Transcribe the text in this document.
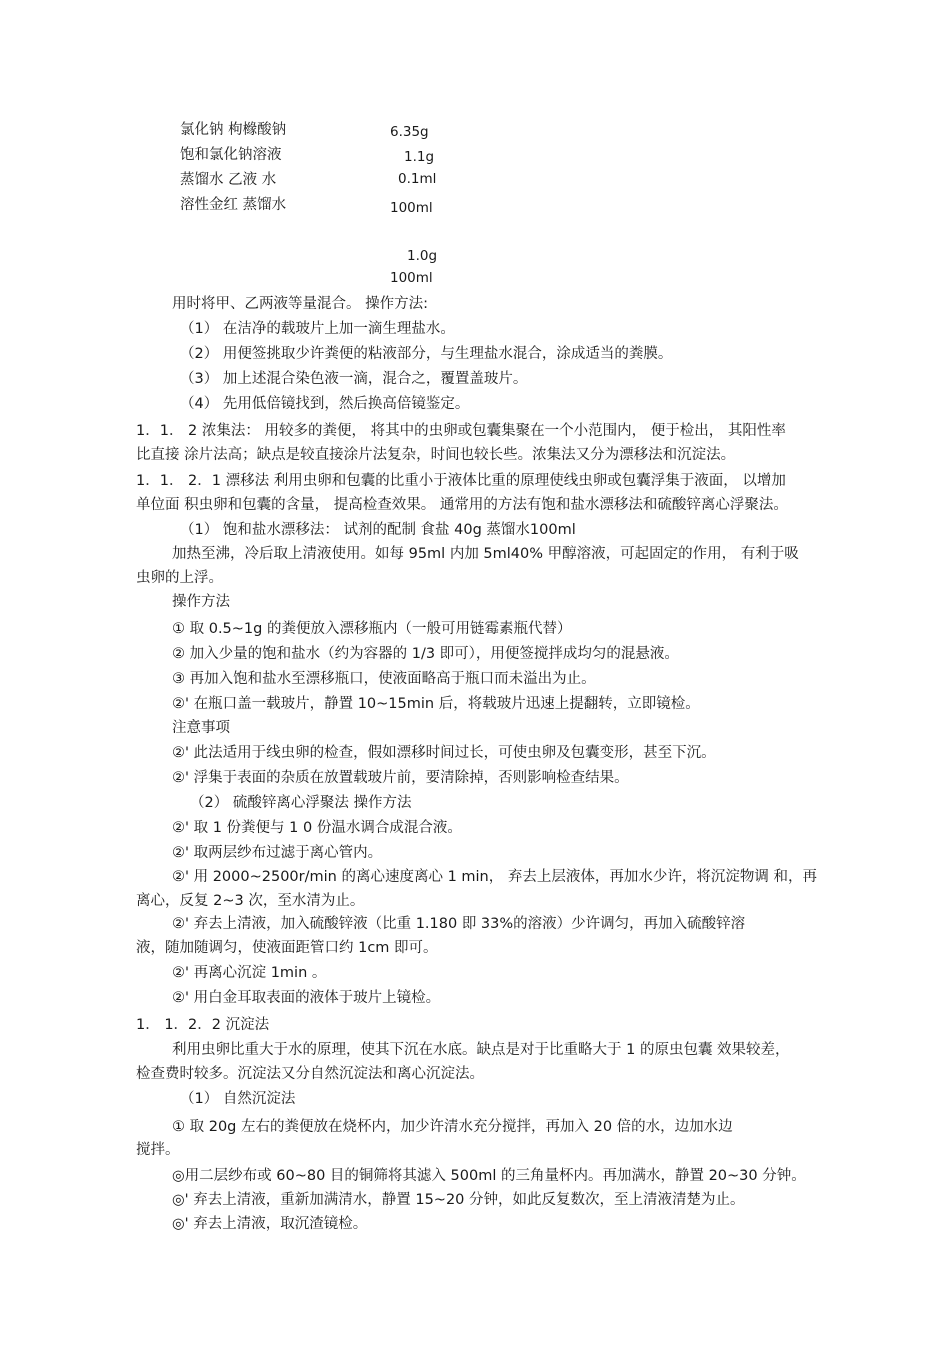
氯化钠 枸橼酸钠
饱和氯化钠溶液
蒸馏水 乙液 水
溶性金红 蒸馏水
6.35g
1.1g
0.1ml
100ml
1.0g
100ml
用时将甲、乙两液等量混合。 操作方法:
（1） 在洁净的载玻片上加一滴生理盐水。
（2） 用便签挑取少许粪便的粘液部分，与生理盐水混合，涂成适当的粪膜。
（3） 加上述混合染色液一滴，混合之，覆置盖玻片。
（4） 先用低倍镜找到，然后换高倍镜鉴定。
1．1． 2 浓集法： 用较多的粪便， 将其中的虫卵或包囊集聚在一个小范围内， 便于检出， 其阳性率
比直接 涂片法高；缺点是较直接涂片法复杂，时间也较长些。浓集法又分为漂移法和沉淀法。
1．1． 2．1 漂移法 利用虫卵和包囊的比重小于液体比重的原理使线虫卵或包囊浮集于液面， 以增加
单位面 积虫卵和包囊的含量， 提高检查效果。 通常用的方法有饱和盐水漂移法和硫酸锌离心浮聚法。
（1） 饱和盐水漂移法： 试剂的配制 食盐 40g 蒸馏水100ml
加热至沸，冷后取上清液使用。如每 95ml 内加 5ml40% 甲醇溶液，可起固定的作用， 有利于吸
虫卵的上浮。
操作方法
① 取 0.5~1g 的粪便放入漂移瓶内（一般可用链霉素瓶代替）
② 加入少量的饱和盐水（约为容器的 1/3 即可），用便签搅拌成均匀的混悬液。
③ 再加入饱和盐水至漂移瓶口，使液面略高于瓶口而未溢出为止。
②' 在瓶口盖一载玻片，静置 10~15min 后，将载玻片迅速上提翻转，立即镜检。
注意事项
②' 此法适用于线虫卵的检查，假如漂移时间过长，可使虫卵及包囊变形，甚至下沉。
②' 浮集于表面的杂质在放置载玻片前，要清除掉，否则影响检查结果。
（2） 硫酸锌离心浮聚法 操作方法
②' 取 1 份粪便与 1 0 份温水调合成混合液。
②' 取两层纱布过滤于离心管内。
②' 用 2000~2500r/min 的离心速度离心 1 min， 弃去上层液体，再加水少许，将沉淀物调 和，再
离心，反复 2~3 次，至水清为止。
②' 弃去上清液，加入硫酸锌液（比重 1.180 即 33%的溶液）少许调匀，再加入硫酸锌溶
液，随加随调匀，使液面距管口约 1cm 即可。
②' 再离心沉淀 1min 。
②' 用白金耳取表面的液体于玻片上镜检。
1． 1．2．2 沉淀法
利用虫卵比重大于水的原理，使其下沉在水底。缺点是对于比重略大于 1 的原虫包囊 效果较差，
检查费时较多。沉淀法又分自然沉淀法和离心沉淀法。
（1） 自然沉淀法
① 取 20g 左右的粪便放在烧杯内，加少许清水充分搅拌，再加入 20 倍的水，边加水边
搅拌。
◎用二层纱布或 60~80 目的铜筛将其滤入 500ml 的三角量杯内。再加满水，静置 20~30 分钟。
◎' 弃去上清液，重新加满清水，静置 15~20 分钟，如此反复数次，至上清液清楚为止。
◎' 弃去上清液，取沉渣镜检。
